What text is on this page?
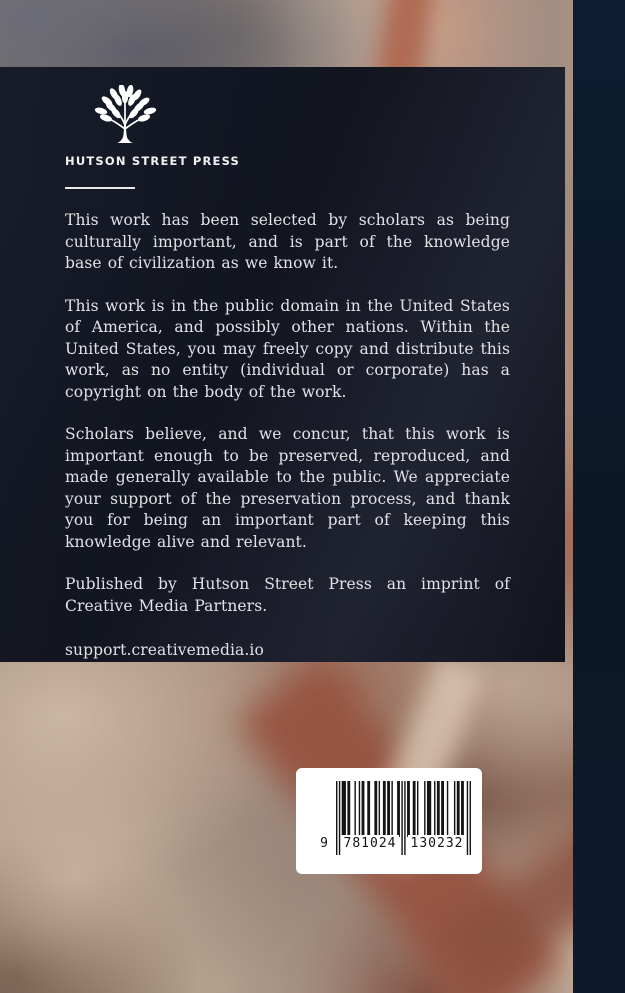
HUTSON STREET PRESS

This work has been selected by scholars as being culturally important, and is part of the knowledge base of civilization as we know it.

This work is in the public domain in the United States of America, and possibly other nations. Within the United States, you may freely copy and distribute this work, as no entity (individual or corporate) has a copyright on the body of the work.

Scholars believe, and we concur, that this work is important enough to be preserved, reproduced, and made generally available to the public. We appreciate your support of the preservation process, and thank you for being an important part of keeping this knowledge alive and relevant.

Published by Hutson Street Press an imprint of Creative Media Partners.

support.creativemedia.io

9	781024 130232
